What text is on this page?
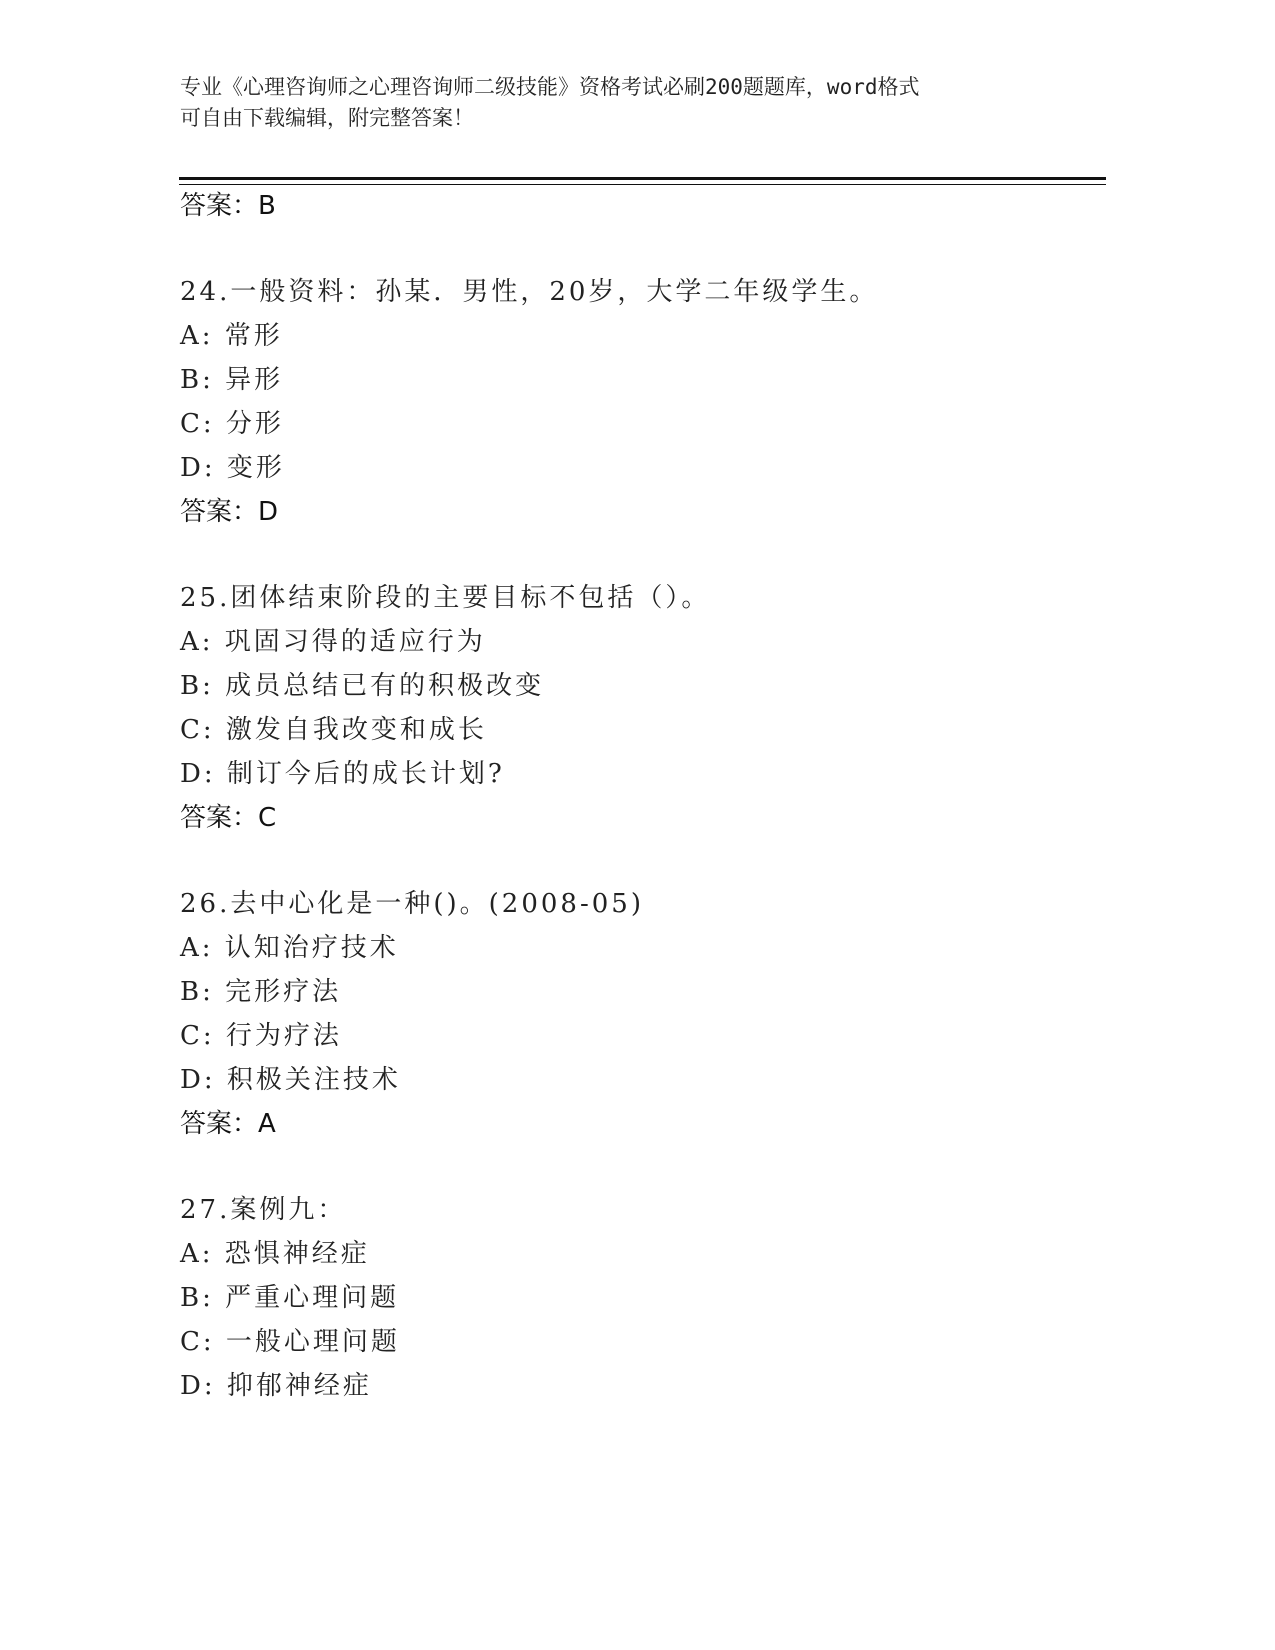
专业《心理咨询师之心理咨询师二级技能》资格考试必刷200题题库，word格式
可自由下载编辑，附完整答案！
答案：B
24.一般资料：孙某．男性，20岁，大学二年级学生。
A: 常形
B: 异形
C: 分形
D: 变形
答案：D
25.团体结束阶段的主要目标不包括（）。
A: 巩固习得的适应行为
B: 成员总结已有的积极改变
C: 激发自我改变和成长
D: 制订今后的成长计划?
答案：C
26.去中心化是一种()。(2008-05)
A: 认知治疗技术
B: 完形疗法
C: 行为疗法
D: 积极关注技术
答案：A
27.案例九：
A: 恐惧神经症
B: 严重心理问题
C: 一般心理问题
D: 抑郁神经症
